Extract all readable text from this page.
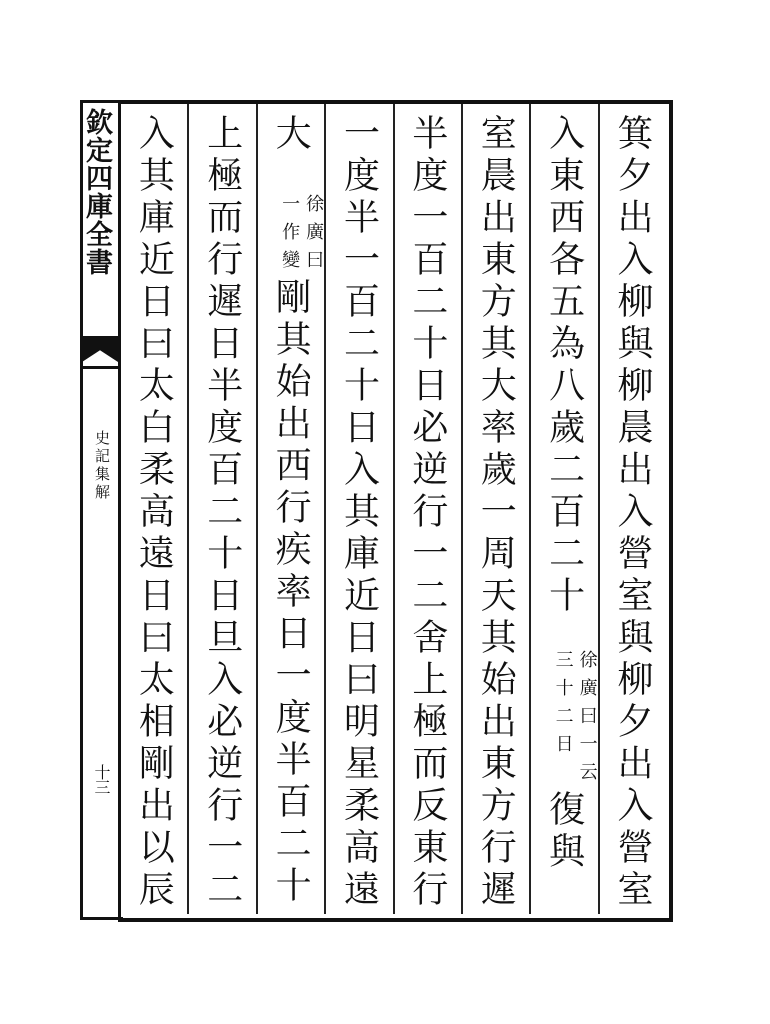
欽定四庫全書
史記集解
十三
箕夕出入柳與柳晨出入營室與柳夕出入營室
入東西各五為八歲二百二十
徐廣曰一云
三十二日
復與
室晨出東方其大率歲一周天其始出東方行遲
半度一百二十日必逆行一二舍上極而反東行
一度半一百二十日入其庫近日曰明星柔高遠
大
徐廣曰
一作變
剛其始出西行疾率日一度半百二十
上極而行遲日半度百二十日旦入必逆行一二
入其庫近日曰太白柔高遠日曰太相剛出以辰
